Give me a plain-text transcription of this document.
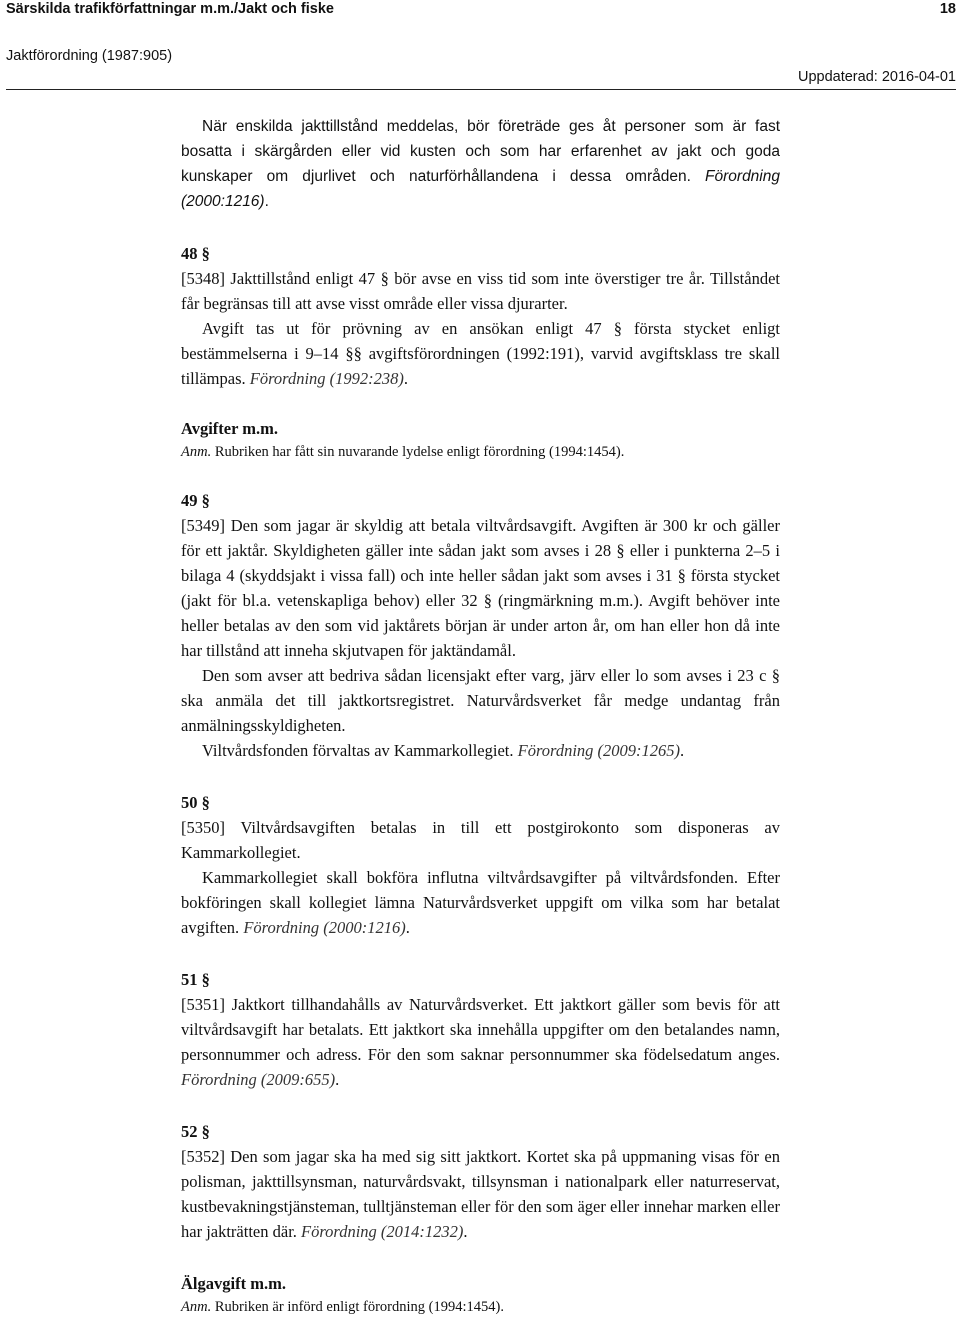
Särskilda trafikförfattningar m.m./Jakt och fiske	18
Jaktförordning (1987:905)
Uppdaterad: 2016-04-01

När enskilda jakttillstånd meddelas, bör företräde ges åt personer som är fast bosatta i skärgården eller vid kusten och som har erfarenhet av jakt och goda kunskaper om djurlivet och naturförhållandena i dessa områden. Förordning (2000:1216).

48 §

[5348] Jakttillstånd enligt 47 § bör avse en viss tid som inte överstiger tre år. Tillståndet får begränsas till att avse visst område eller vissa djurarter.

Avgift tas ut för prövning av en ansökan enligt 47 § första stycket enligt bestämmelserna i 9–14 §§ avgiftsförordningen (1992:191), varvid avgiftsklass tre skall tillämpas. Förordning (1992:238).

Avgifter m.m.

Anm. Rubriken har fått sin nuvarande lydelse enligt förordning (1994:1454).

49 §

[5349] Den som jagar är skyldig att betala viltvårdsavgift. Avgiften är 300 kr och gäller för ett jaktår. Skyldigheten gäller inte sådan jakt som avses i 28 § eller i punkterna 2–5 i bilaga 4 (skyddsjakt i vissa fall) och inte heller sådan jakt som avses i 31 § första stycket (jakt för bl.a. vetenskapliga behov) eller 32 § (ringmärkning m.m.). Avgift behöver inte heller betalas av den som vid jaktårets början är under arton år, om han eller hon då inte har tillstånd att inneha skjutvapen för jaktändamål.

Den som avser att bedriva sådan licensjakt efter varg, järv eller lo som avses i 23 c § ska anmäla det till jaktkortsregistret. Naturvårdsverket får medge undantag från anmälningsskyldigheten.

Viltvårdsfonden förvaltas av Kammarkollegiet. Förordning (2009:1265).

50 §

[5350] Viltvårdsavgiften betalas in till ett postgirokonto som disponeras av Kammarkollegiet.

Kammarkollegiet skall bokföra influtna viltvårdsavgifter på viltvårdsfonden. Efter bokföringen skall kollegiet lämna Naturvårdsverket uppgift om vilka som har betalat avgiften. Förordning (2000:1216).

51 §

[5351] Jaktkort tillhandahålls av Naturvårdsverket. Ett jaktkort gäller som bevis för att viltvårdsavgift har betalats. Ett jaktkort ska innehålla uppgifter om den betalandes namn, personnummer och adress. För den som saknar personnummer ska födelsedatum anges. Förordning (2009:655).

52 §

[5352] Den som jagar ska ha med sig sitt jaktkort. Kortet ska på uppmaning visas för en polisman, jakttillsynsman, naturvårdsvakt, tillsynsman i nationalpark eller naturreservat, kustbevakningstjänsteman, tulltjänsteman eller för den som äger eller innehar marken eller har jakträtten där. Förordning (2014:1232).

Älgavgift m.m.

Anm. Rubriken är införd enligt förordning (1994:1454).
